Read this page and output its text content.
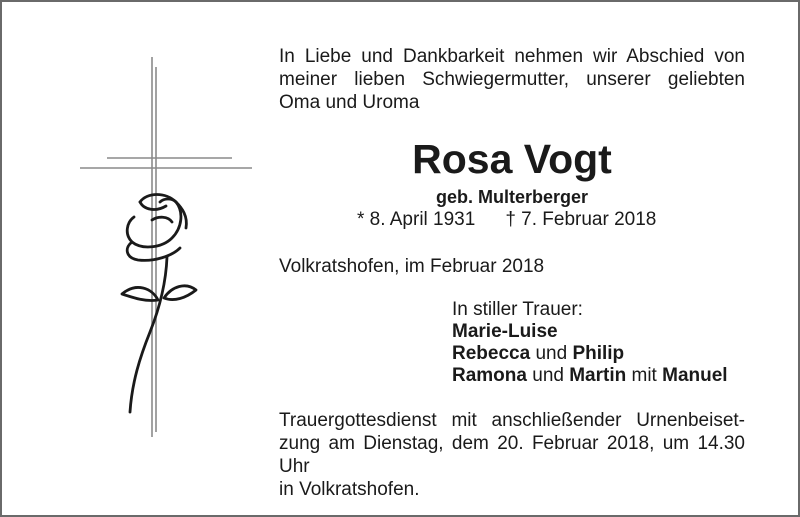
In Liebe und Dankbarkeit nehmen wir Abschied von
meiner lieben Schwiegermutter, unserer geliebten
Oma und Uroma
Rosa Vogt
geb. Multerberger
* 8. April 1931 † 7. Februar 2018
Volkratshofen, im Februar 2018
In stiller Trauer:
Marie-Luise
Rebecca und Philip
Ramona und Martin mit Manuel
Trauergottesdienst mit anschließender Urnenbeiset-
zung am Dienstag, dem 20. Februar 2018, um 14.30 Uhr
in Volkratshofen.
